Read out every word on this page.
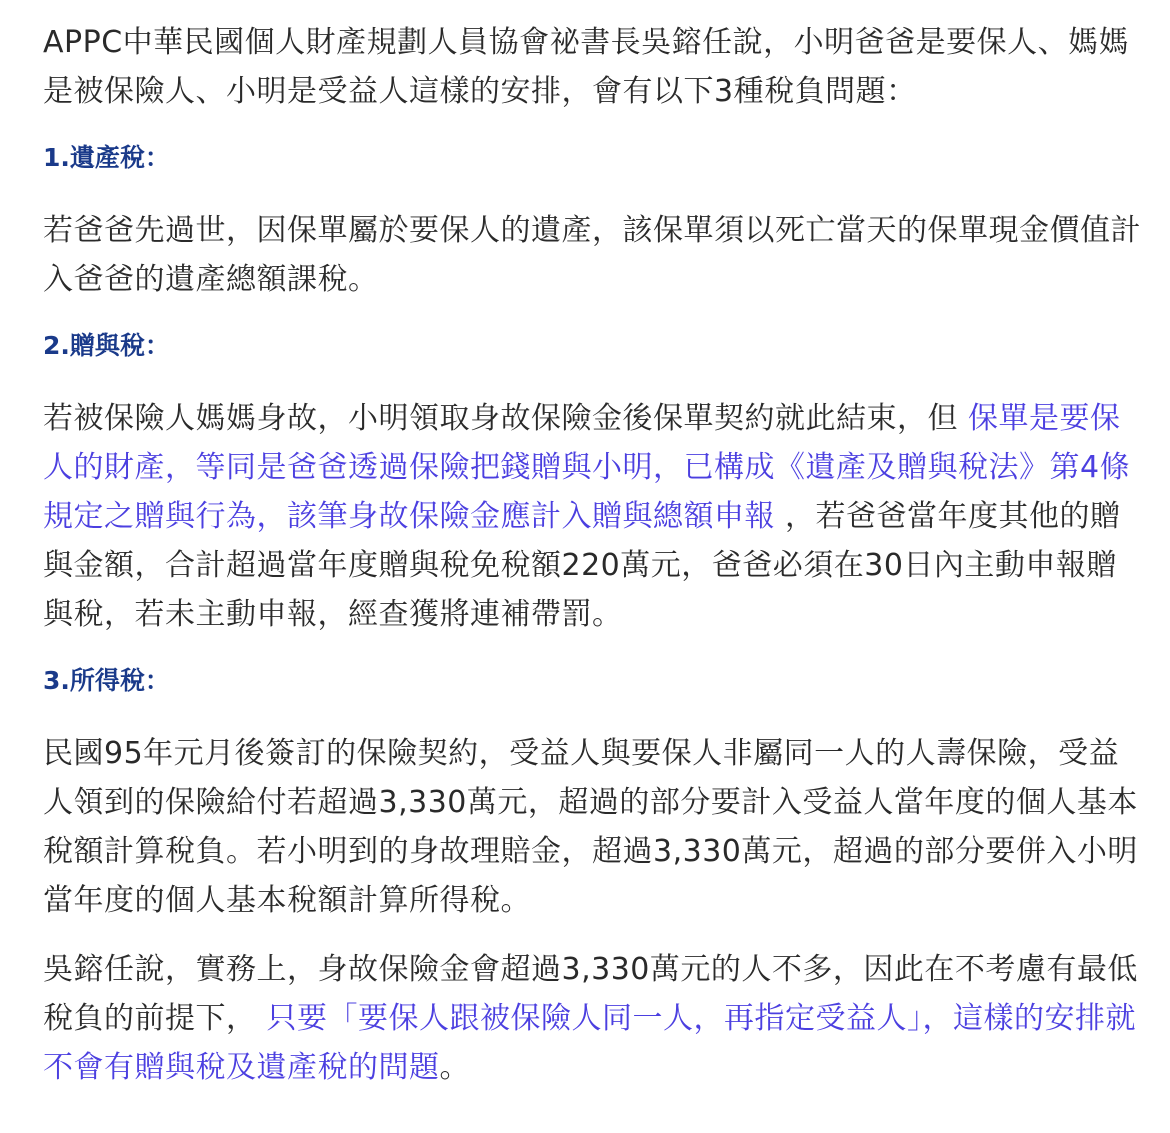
APPC中華民國個人財產規劃人員協會祕書長吳鎔任說，小明爸爸是要保人、媽媽是被保險人、小明是受益人這樣的安排，會有以下3種稅負問題：

1.遺產稅：

若爸爸先過世，因保單屬於要保人的遺產，該保單須以死亡當天的保單現金價值計入爸爸的遺產總額課稅。

2.贈與稅：

若被保險人媽媽身故，小明領取身故保險金後保單契約就此結束，但 保單是要保人的財產，等同是爸爸透過保險把錢贈與小明，已構成《遺產及贈與稅法》第4條規定之贈與行為，該筆身故保險金應計入贈與總額申報 ，若爸爸當年度其他的贈與金額，合計超過當年度贈與稅免稅額220萬元，爸爸必須在30日內主動申報贈與稅，若未主動申報，經查獲將連補帶罰。

3.所得稅：

民國95年元月後簽訂的保險契約，受益人與要保人非屬同一人的人壽保險，受益人領到的保險給付若超過3,330萬元，超過的部分要計入受益人當年度的個人基本稅額計算稅負。若小明到的身故理賠金，超過3,330萬元，超過的部分要併入小明當年度的個人基本稅額計算所得稅。

吳鎔任說，實務上，身故保險金會超過3,330萬元的人不多，因此在不考慮有最低稅負的前提下， 只要「要保人跟被保險人同一人，再指定受益人」，這樣的安排就不會有贈與稅及遺產稅的問題。
